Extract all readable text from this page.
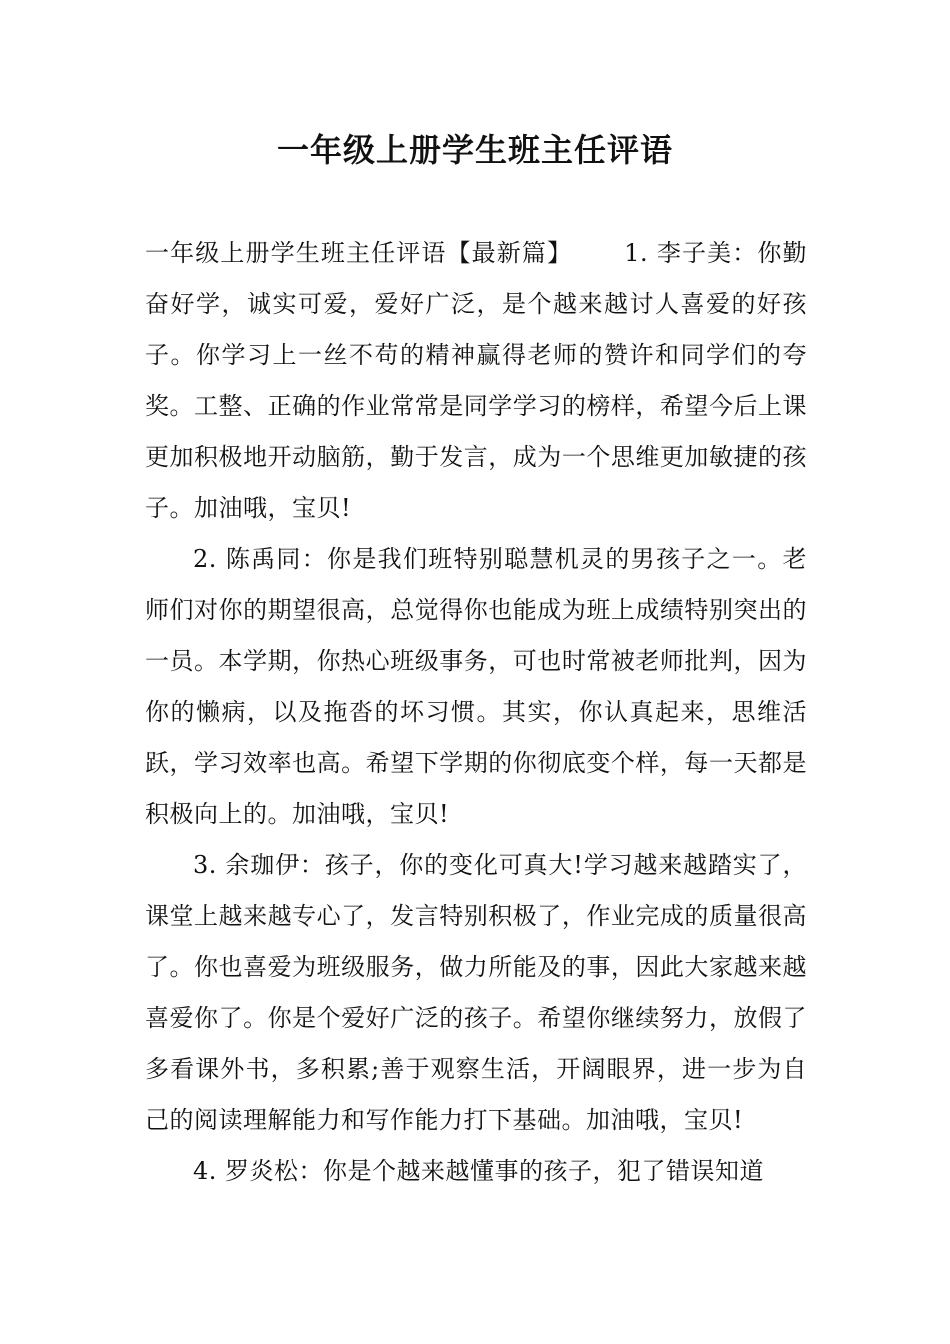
一年级上册学生班主任评语

一年级上册学生班主任评语【最新篇】 1. 李子美：你勤奋好学，诚实可爱，爱好广泛，是个越来越讨人喜爱的好孩子。你学习上一丝不苟的精神赢得老师的赞许和同学们的夸奖。工整、正确的作业常常是同学学习的榜样，希望今后上课更加积极地开动脑筋，勤于发言，成为一个思维更加敏捷的孩子。加油哦，宝贝!

2. 陈禹同：你是我们班特别聪慧机灵的男孩子之一。老师们对你的期望很高，总觉得你也能成为班上成绩特别突出的一员。本学期，你热心班级事务，可也时常被老师批判，因为你的懒病，以及拖沓的坏习惯。其实，你认真起来，思维活跃，学习效率也高。希望下学期的你彻底变个样，每一天都是积极向上的。加油哦，宝贝!

3. 余珈伊：孩子，你的变化可真大!学习越来越踏实了，课堂上越来越专心了，发言特别积极了，作业完成的质量很高了。你也喜爱为班级服务，做力所能及的事，因此大家越来越喜爱你了。你是个爱好广泛的孩子。希望你继续努力，放假了多看课外书，多积累;善于观察生活，开阔眼界，进一步为自己的阅读理解能力和写作能力打下基础。加油哦，宝贝!

4. 罗炎松：你是个越来越懂事的孩子，犯了错误知道
